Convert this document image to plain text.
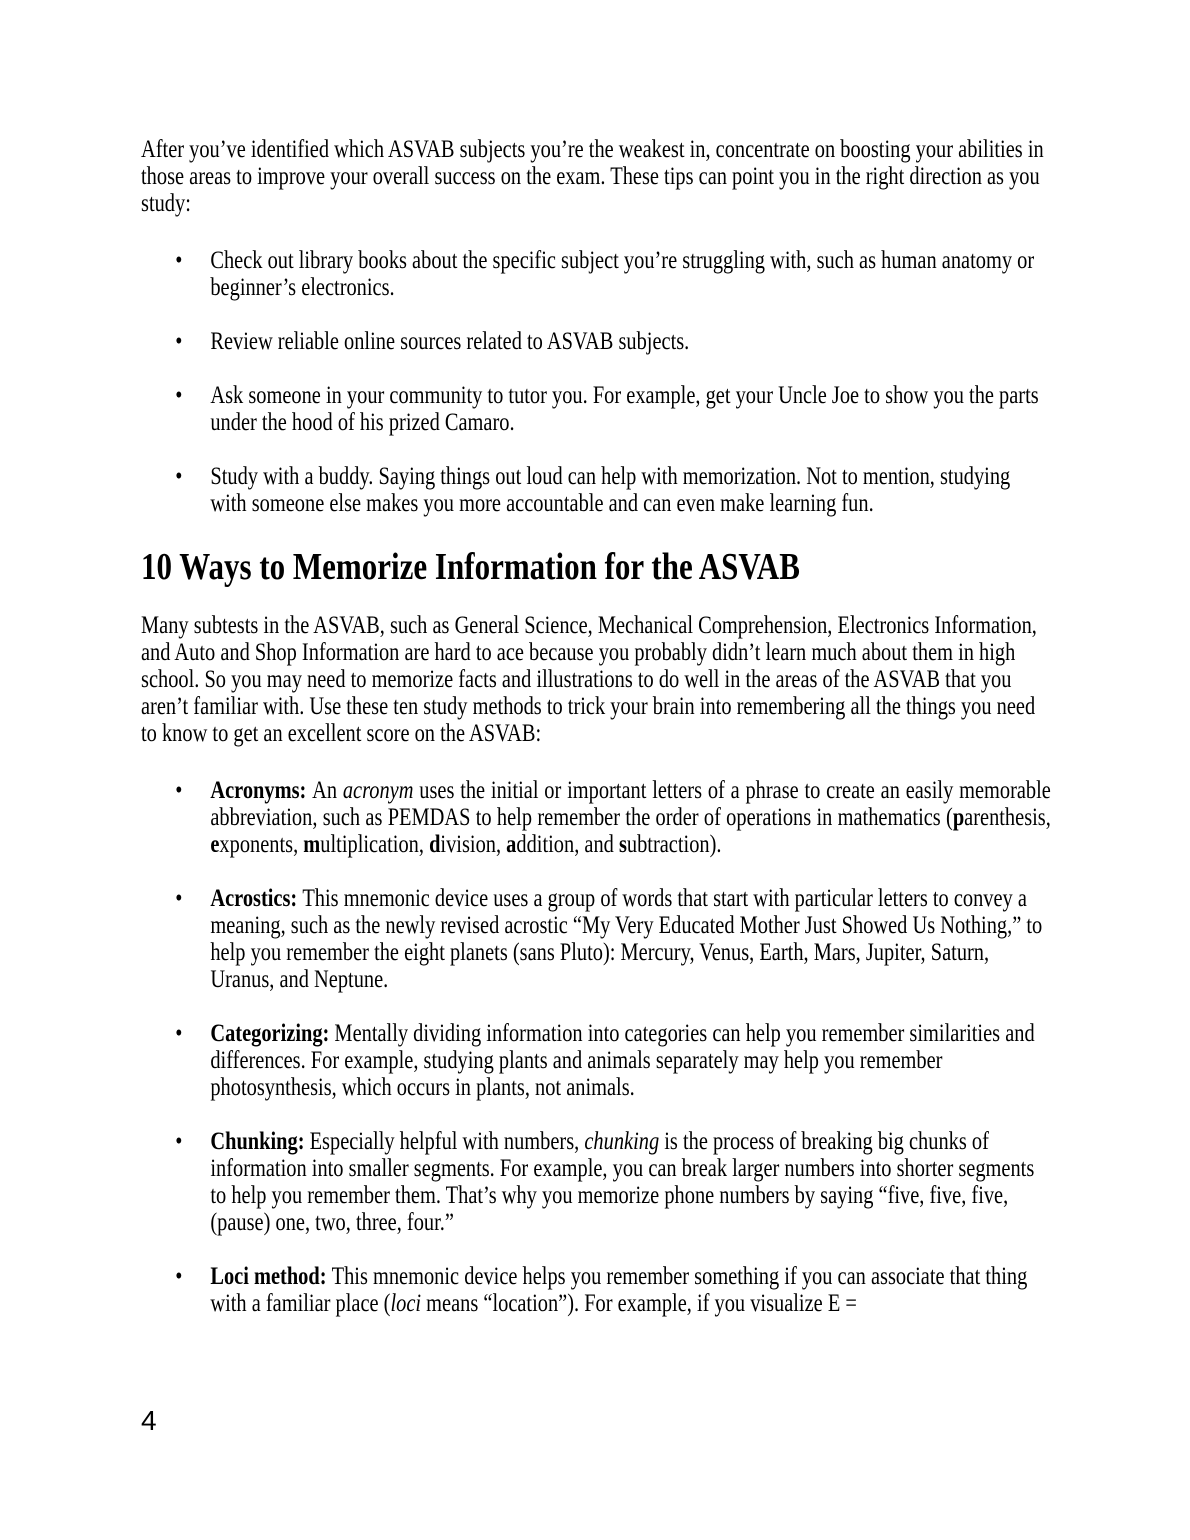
After you’ve identified which ASVAB subjects you’re the weakest in, concentrate on boosting your abilities in those areas to improve your overall success on the exam. These tips can point you in the right direction as you study:

• Check out library books about the specific subject you’re struggling with, such as human anatomy or beginner’s electronics.
• Review reliable online sources related to ASVAB subjects.
• Ask someone in your community to tutor you. For example, get your Uncle Joe to show you the parts under the hood of his prized Camaro.
• Study with a buddy. Saying things out loud can help with memorization. Not to mention, studying with someone else makes you more accountable and can even make learning fun.
10 Ways to Memorize Information for the ASVAB

Many subtests in the ASVAB, such as General Science, Mechanical Comprehension, Electronics Information, and Auto and Shop Information are hard to ace because you probably didn’t learn much about them in high school. So you may need to memorize facts and illustrations to do well in the areas of the ASVAB that you aren’t familiar with. Use these ten study methods to trick your brain into remembering all the things you need to know to get an excellent score on the ASVAB:

• Acronyms: An acronym uses the initial or important letters of a phrase to create an easily memorable abbreviation, such as PEMDAS to help remember the order of operations in mathematics (parenthesis, exponents, multiplication, division, addition, and subtraction).
• Acrostics: This mnemonic device uses a group of words that start with particular letters to convey a meaning, such as the newly revised acrostic “My Very Educated Mother Just Showed Us Nothing,” to help you remember the eight planets (sans Pluto): Mercury, Venus, Earth, Mars, Jupiter, Saturn, Uranus, and Neptune.
• Categorizing: Mentally dividing information into categories can help you remember similarities and differences. For example, studying plants and animals separately may help you remember photosynthesis, which occurs in plants, not animals.
• Chunking: Especially helpful with numbers, chunking is the process of breaking big chunks of information into smaller segments. For example, you can break larger numbers into shorter segments to help you remember them. That’s why you memorize phone numbers by saying “five, five, five, (pause) one, two, three, four.”
• Loci method: This mnemonic device helps you remember something if you can associate that thing with a familiar place (loci means “location”). For example, if you visualize E =
4
